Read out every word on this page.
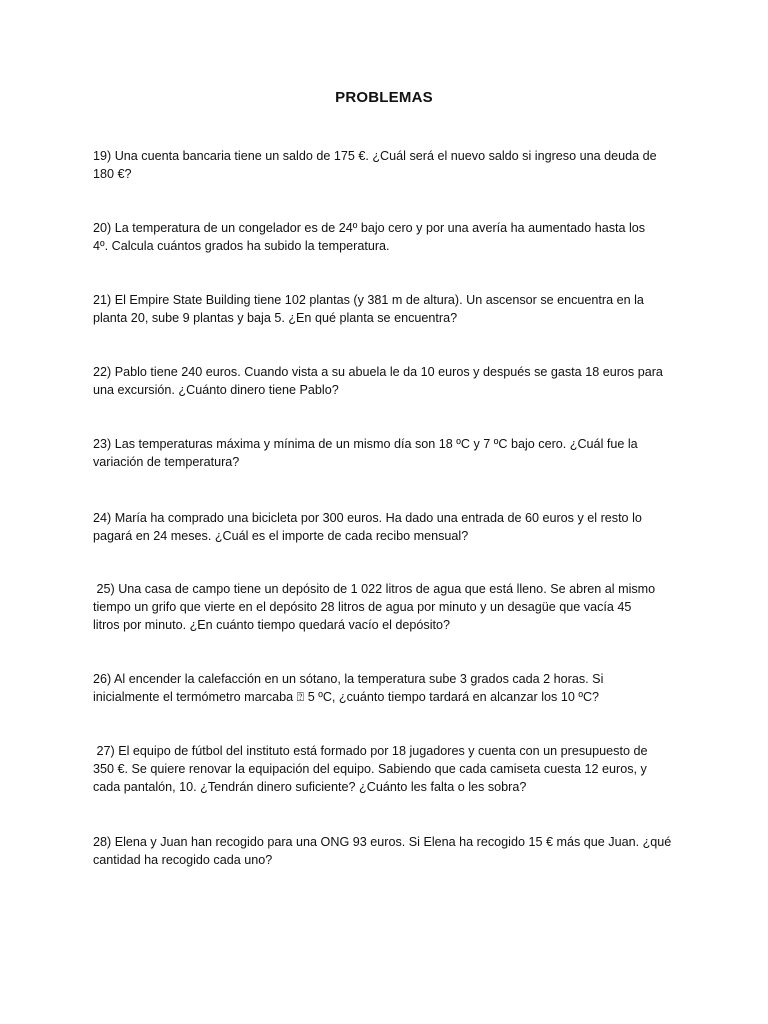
PROBLEMAS
19) Una cuenta bancaria tiene un saldo de 175 €. ¿Cuál será el nuevo saldo si ingreso una deuda de
180 €?
20) La temperatura de un congelador es de 24º bajo cero y por una avería ha aumentado hasta los
4º. Calcula cuántos grados ha subido la temperatura.
21) El Empire State Building tiene 102 plantas (y 381 m de altura). Un ascensor se encuentra en la
planta 20, sube 9 plantas y baja 5. ¿En qué planta se encuentra?
22) Pablo tiene 240 euros. Cuando vista a su abuela le da 10 euros y después se gasta 18 euros para
una excursión. ¿Cuánto dinero tiene Pablo?
23) Las temperaturas máxima y mínima de un mismo día son 18 ºC y 7 ºC bajo cero. ¿Cuál fue la
variación de temperatura?
24) María ha comprado una bicicleta por 300 euros. Ha dado una entrada de 60 euros y el resto lo
pagará en 24 meses. ¿Cuál es el importe de cada recibo mensual?
25) Una casa de campo tiene un depósito de 1 022 litros de agua que está lleno. Se abren al mismo
tiempo un grifo que vierte en el depósito 28 litros de agua por minuto y un desagüe que vacía 45
litros por minuto. ¿En cuánto tiempo quedará vacío el depósito?
26) Al encender la calefacción en un sótano, la temperatura sube 3 grados cada 2 horas. Si
inicialmente el termómetro marcaba ⍰ 5 ºC, ¿cuánto tiempo tardará en alcanzar los 10 ºC?
27) El equipo de fútbol del instituto está formado por 18 jugadores y cuenta con un presupuesto de
350 €. Se quiere renovar la equipación del equipo. Sabiendo que cada camiseta cuesta 12 euros, y
cada pantalón, 10. ¿Tendrán dinero suficiente? ¿Cuánto les falta o les sobra?
28) Elena y Juan han recogido para una ONG 93 euros. Si Elena ha recogido 15 € más que Juan. ¿qué
cantidad ha recogido cada uno?
